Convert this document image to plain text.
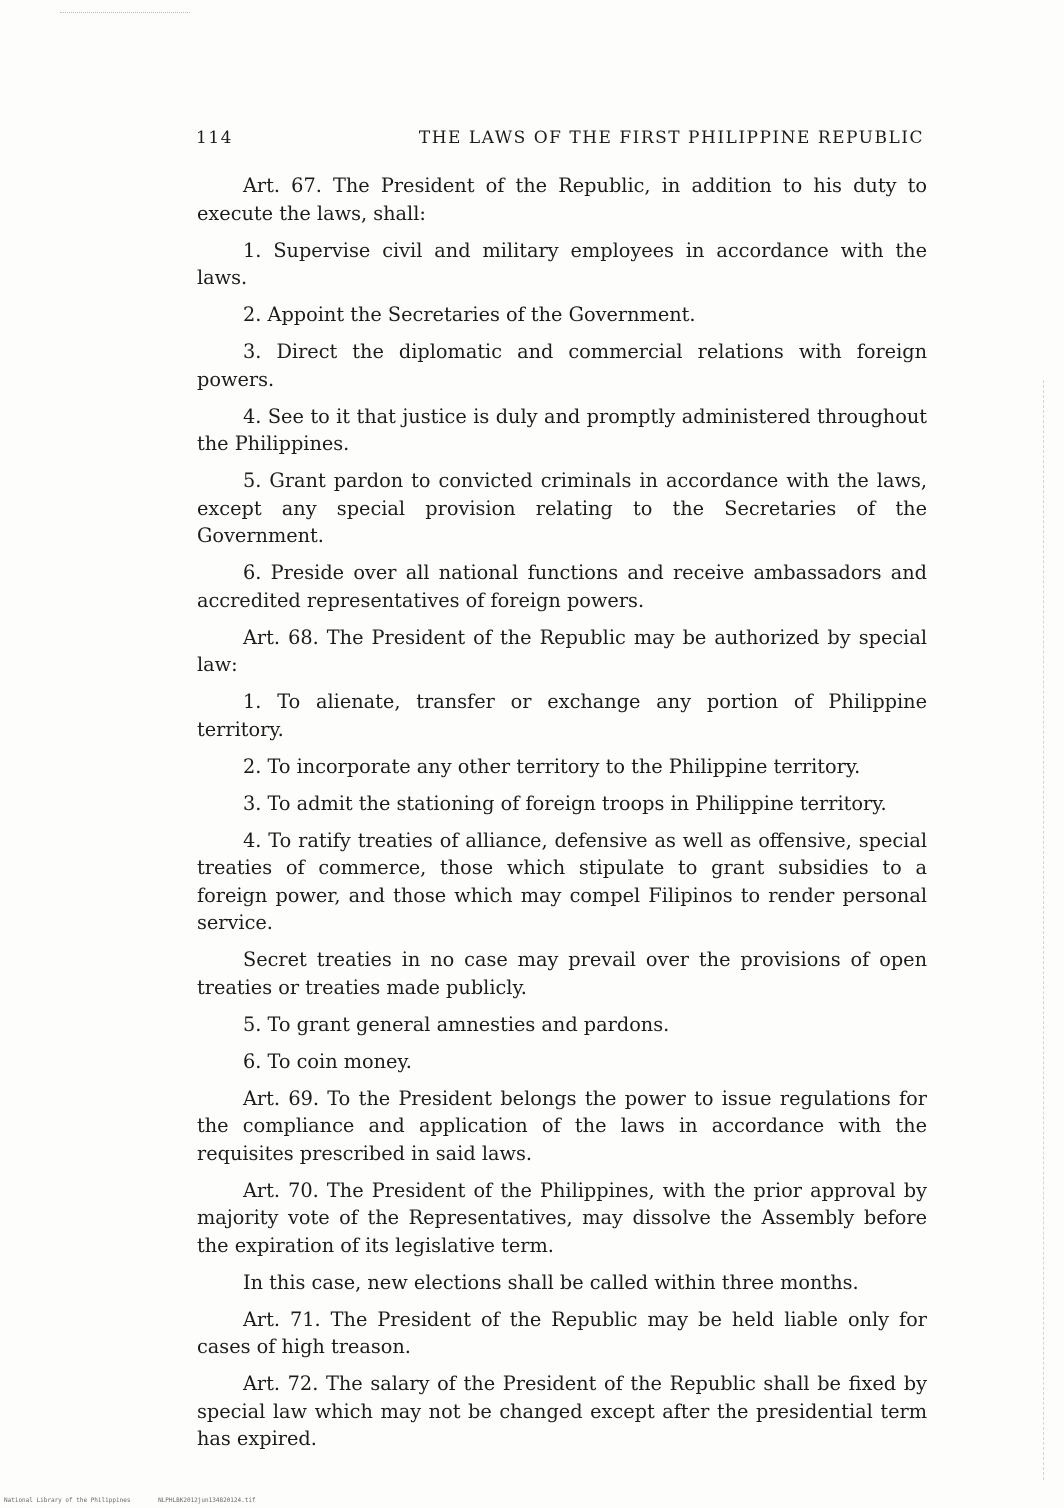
114	THE LAWS OF THE FIRST PHILIPPINE REPUBLIC

Art. 67. The President of the Republic, in addition to his duty to execute the laws, shall:

1. Supervise civil and military employees in accordance with the laws.

2. Appoint the Secretaries of the Government.

3. Direct the diplomatic and commercial relations with foreign powers.

4. See to it that justice is duly and promptly administered throughout the Philippines.

5. Grant pardon to convicted criminals in accordance with the laws, except any special provision relating to the Secretaries of the Government.

6. Preside over all national functions and receive ambassadors and accredited representatives of foreign powers.

Art. 68. The President of the Republic may be authorized by special law:

1. To alienate, transfer or exchange any portion of Philippine territory.

2. To incorporate any other territory to the Philippine territory.

3. To admit the stationing of foreign troops in Philippine territory.

4. To ratify treaties of alliance, defensive as well as offensive, special treaties of commerce, those which stipulate to grant subsidies to a foreign power, and those which may compel Filipinos to render personal service.

Secret treaties in no case may prevail over the provisions of open treaties or treaties made publicly.

5. To grant general amnesties and pardons.

6. To coin money.

Art. 69. To the President belongs the power to issue regulations for the compliance and application of the laws in accordance with the requisites prescribed in said laws.

Art. 70. The President of the Philippines, with the prior approval by majority vote of the Representatives, may dissolve the Assembly before the expiration of its legislative term.

In this case, new elections shall be called within three months.

Art. 71. The President of the Republic may be held liable only for cases of high treason.

Art. 72. The salary of the President of the Republic shall be fixed by special law which may not be changed except after the presidential term has expired.

National Library of the Philippines	NLPHLBK2012jun134820124.tif
